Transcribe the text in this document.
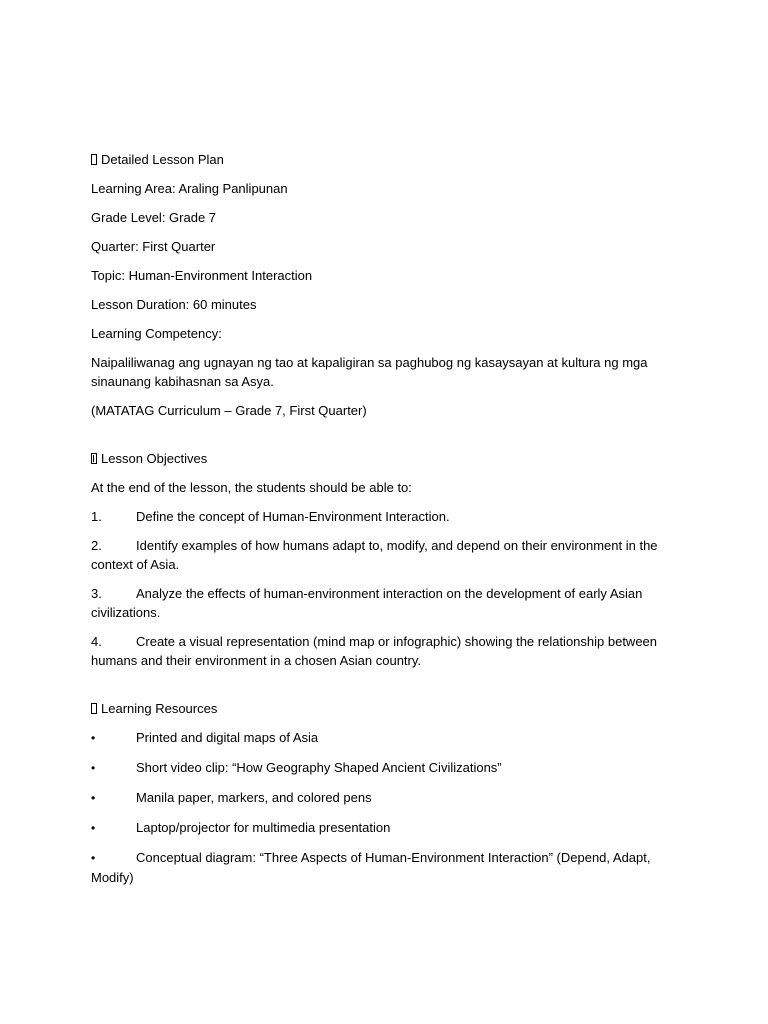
Detailed Lesson Plan
Learning Area: Araling Panlipunan
Grade Level: Grade 7
Quarter: First Quarter
Topic: Human-Environment Interaction
Lesson Duration: 60 minutes
Learning Competency:
Naipaliliwanag ang ugnayan ng tao at kapaligiran sa paghubog ng kasaysayan at kultura ng mga sinaunang kabihasnan sa Asya.
(MATATAG Curriculum – Grade 7, First Quarter)
Lesson Objectives
At the end of the lesson, the students should be able to:
1.	Define the concept of Human-Environment Interaction.
2.	Identify examples of how humans adapt to, modify, and depend on their environment in the context of Asia.
3.	Analyze the effects of human-environment interaction on the development of early Asian civilizations.
4.	Create a visual representation (mind map or infographic) showing the relationship between humans and their environment in a chosen Asian country.
Learning Resources
•	Printed and digital maps of Asia
•	Short video clip: “How Geography Shaped Ancient Civilizations”
•	Manila paper, markers, and colored pens
•	Laptop/projector for multimedia presentation
•	Conceptual diagram: “Three Aspects of Human-Environment Interaction” (Depend, Adapt, Modify)
